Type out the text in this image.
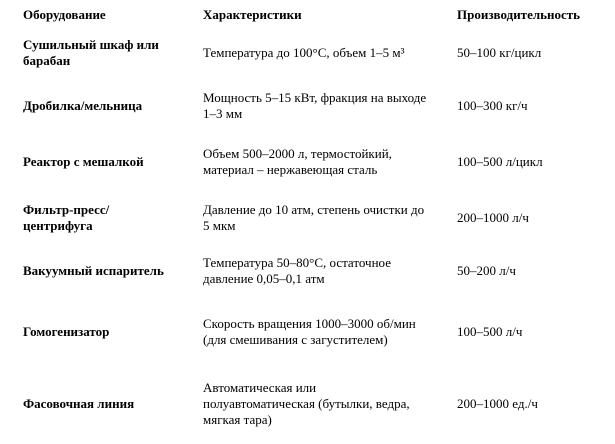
Оборудование	Характеристики	Производительность
Сушильный шкаф или барабан	Температура до 100°C, объем 1–5 м³	50–100 кг/цикл
Дробилка/мельница	Мощность 5–15 кВт, фракция на выходе 1–3 мм	100–300 кг/ч
Реактор с мешалкой	Объем 500–2000 л, термостойкий, материал – нержавеющая сталь	100–500 л/цикл
Фильтр-пресс/центрифуга	Давление до 10 атм, степень очистки до 5 мкм	200–1000 л/ч
Вакуумный испаритель	Температура 50–80°C, остаточное давление 0,05–0,1 атм	50–200 л/ч
Гомогенизатор	Скорость вращения 1000–3000 об/мин (для смешивания с загустителем)	100–500 л/ч
Фасовочная линия	Автоматическая или полуавтоматическая (бутылки, ведра, мягкая тара)	200–1000 ед./ч
